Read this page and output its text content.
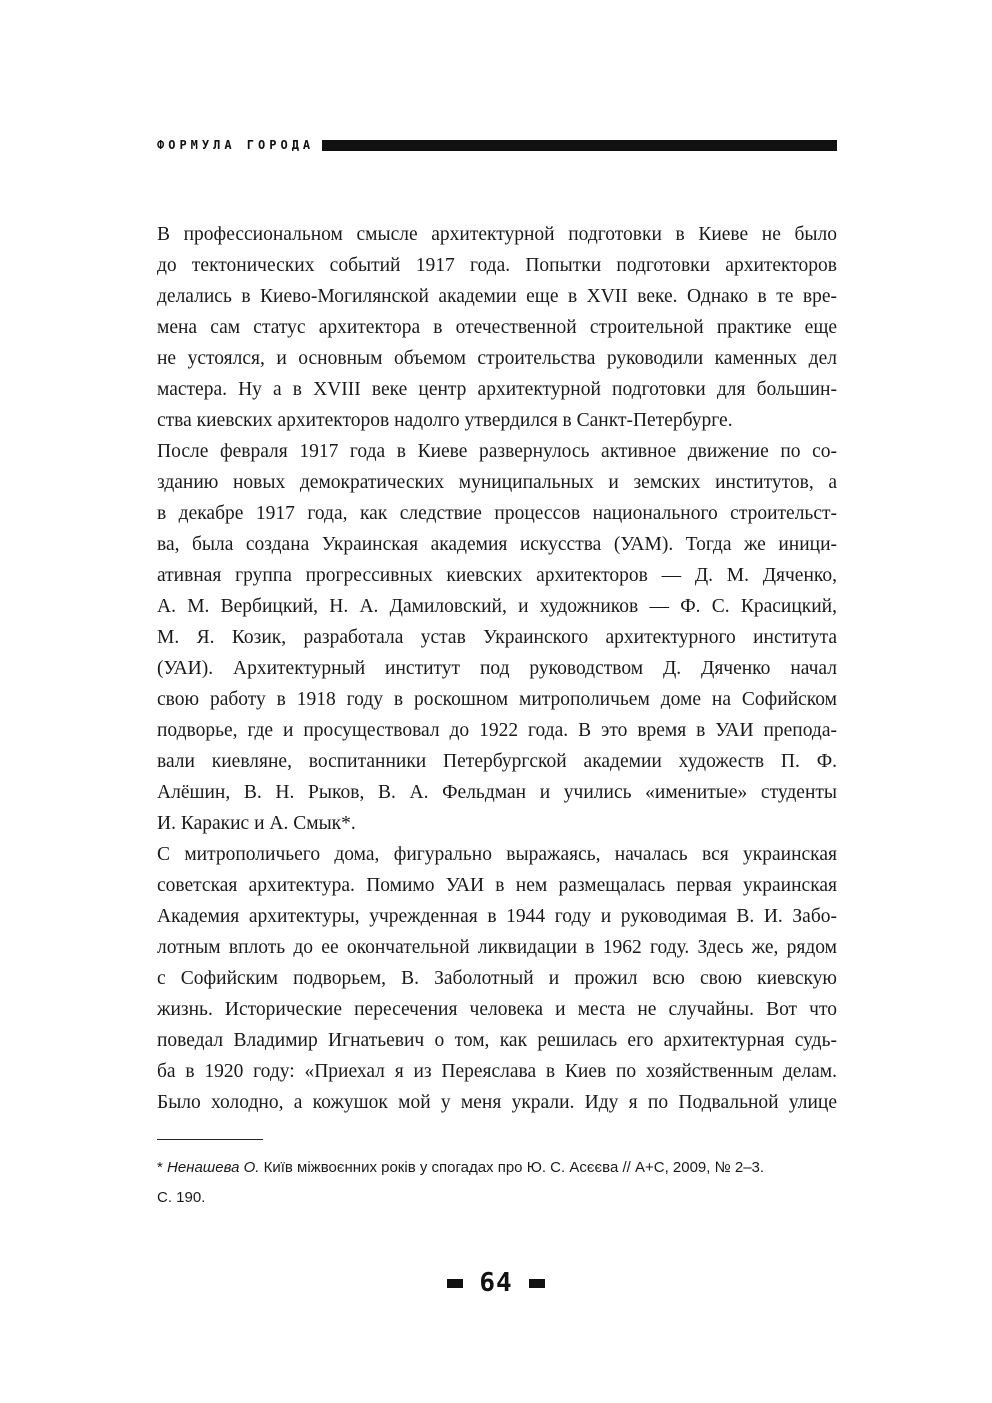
ФОРМУЛА ГОРОДА
В профессиональном смысле архитектурной подготовки в Киеве не было
до тектонических событий 1917 года. Попытки подготовки архитекторов
делались в Киево-Могилянской академии еще в XVII веке. Однако в те вре-
мена сам статус архитектора в отечественной строительной практике еще
не устоялся, и основным объемом строительства руководили каменных дел
мастера. Ну а в XVIII веке центр архитектурной подготовки для большин-
ства киевских архитекторов надолго утвердился в Санкт-Петербурге.
После февраля 1917 года в Киеве развернулось активное движение по со-
зданию новых демократических муниципальных и земских институтов, а
в декабре 1917 года, как следствие процессов национального строительст-
ва, была создана Украинская академия искусства (УАМ). Тогда же иници-
ативная группа прогрессивных киевских архитекторов — Д. М. Дяченко,
А. М. Вербицкий, Н. А. Дамиловский, и художников — Ф. С. Красицкий,
М. Я. Козик, разработала устав Украинского архитектурного института
(УАИ). Архитектурный институт под руководством Д. Дяченко начал
свою работу в 1918 году в роскошном митрополичьем доме на Софийском
подворье, где и просуществовал до 1922 года. В это время в УАИ препода-
вали киевляне, воспитанники Петербургской академии художеств П. Ф.
Алёшин, В. Н. Рыков, В. А. Фельдман и учились «именитые» студенты
И. Каракис и А. Смык*.
С митрополичьего дома, фигурально выражаясь, началась вся украинская
советская архитектура. Помимо УАИ в нем размещалась первая украинская
Академия архитектуры, учрежденная в 1944 году и руководимая В. И. Забо-
лотным вплоть до ее окончательной ликвидации в 1962 году. Здесь же, рядом
с Софийским подворьем, В. Заболотный и прожил всю свою киевскую
жизнь. Исторические пересечения человека и места не случайны. Вот что
поведал Владимир Игнатьевич о том, как решилась его архитектурная судь-
ба в 1920 году: «Приехал я из Переяслава в Киев по хозяйственным делам.
Было холодно, а кожушок мой у меня украли. Иду я по Подвальной улице
* Ненашева О. Київ міжвоєнних років у спогадах про Ю. С. Асєєва // А+С, 2009, № 2–3.
С. 190.
64
